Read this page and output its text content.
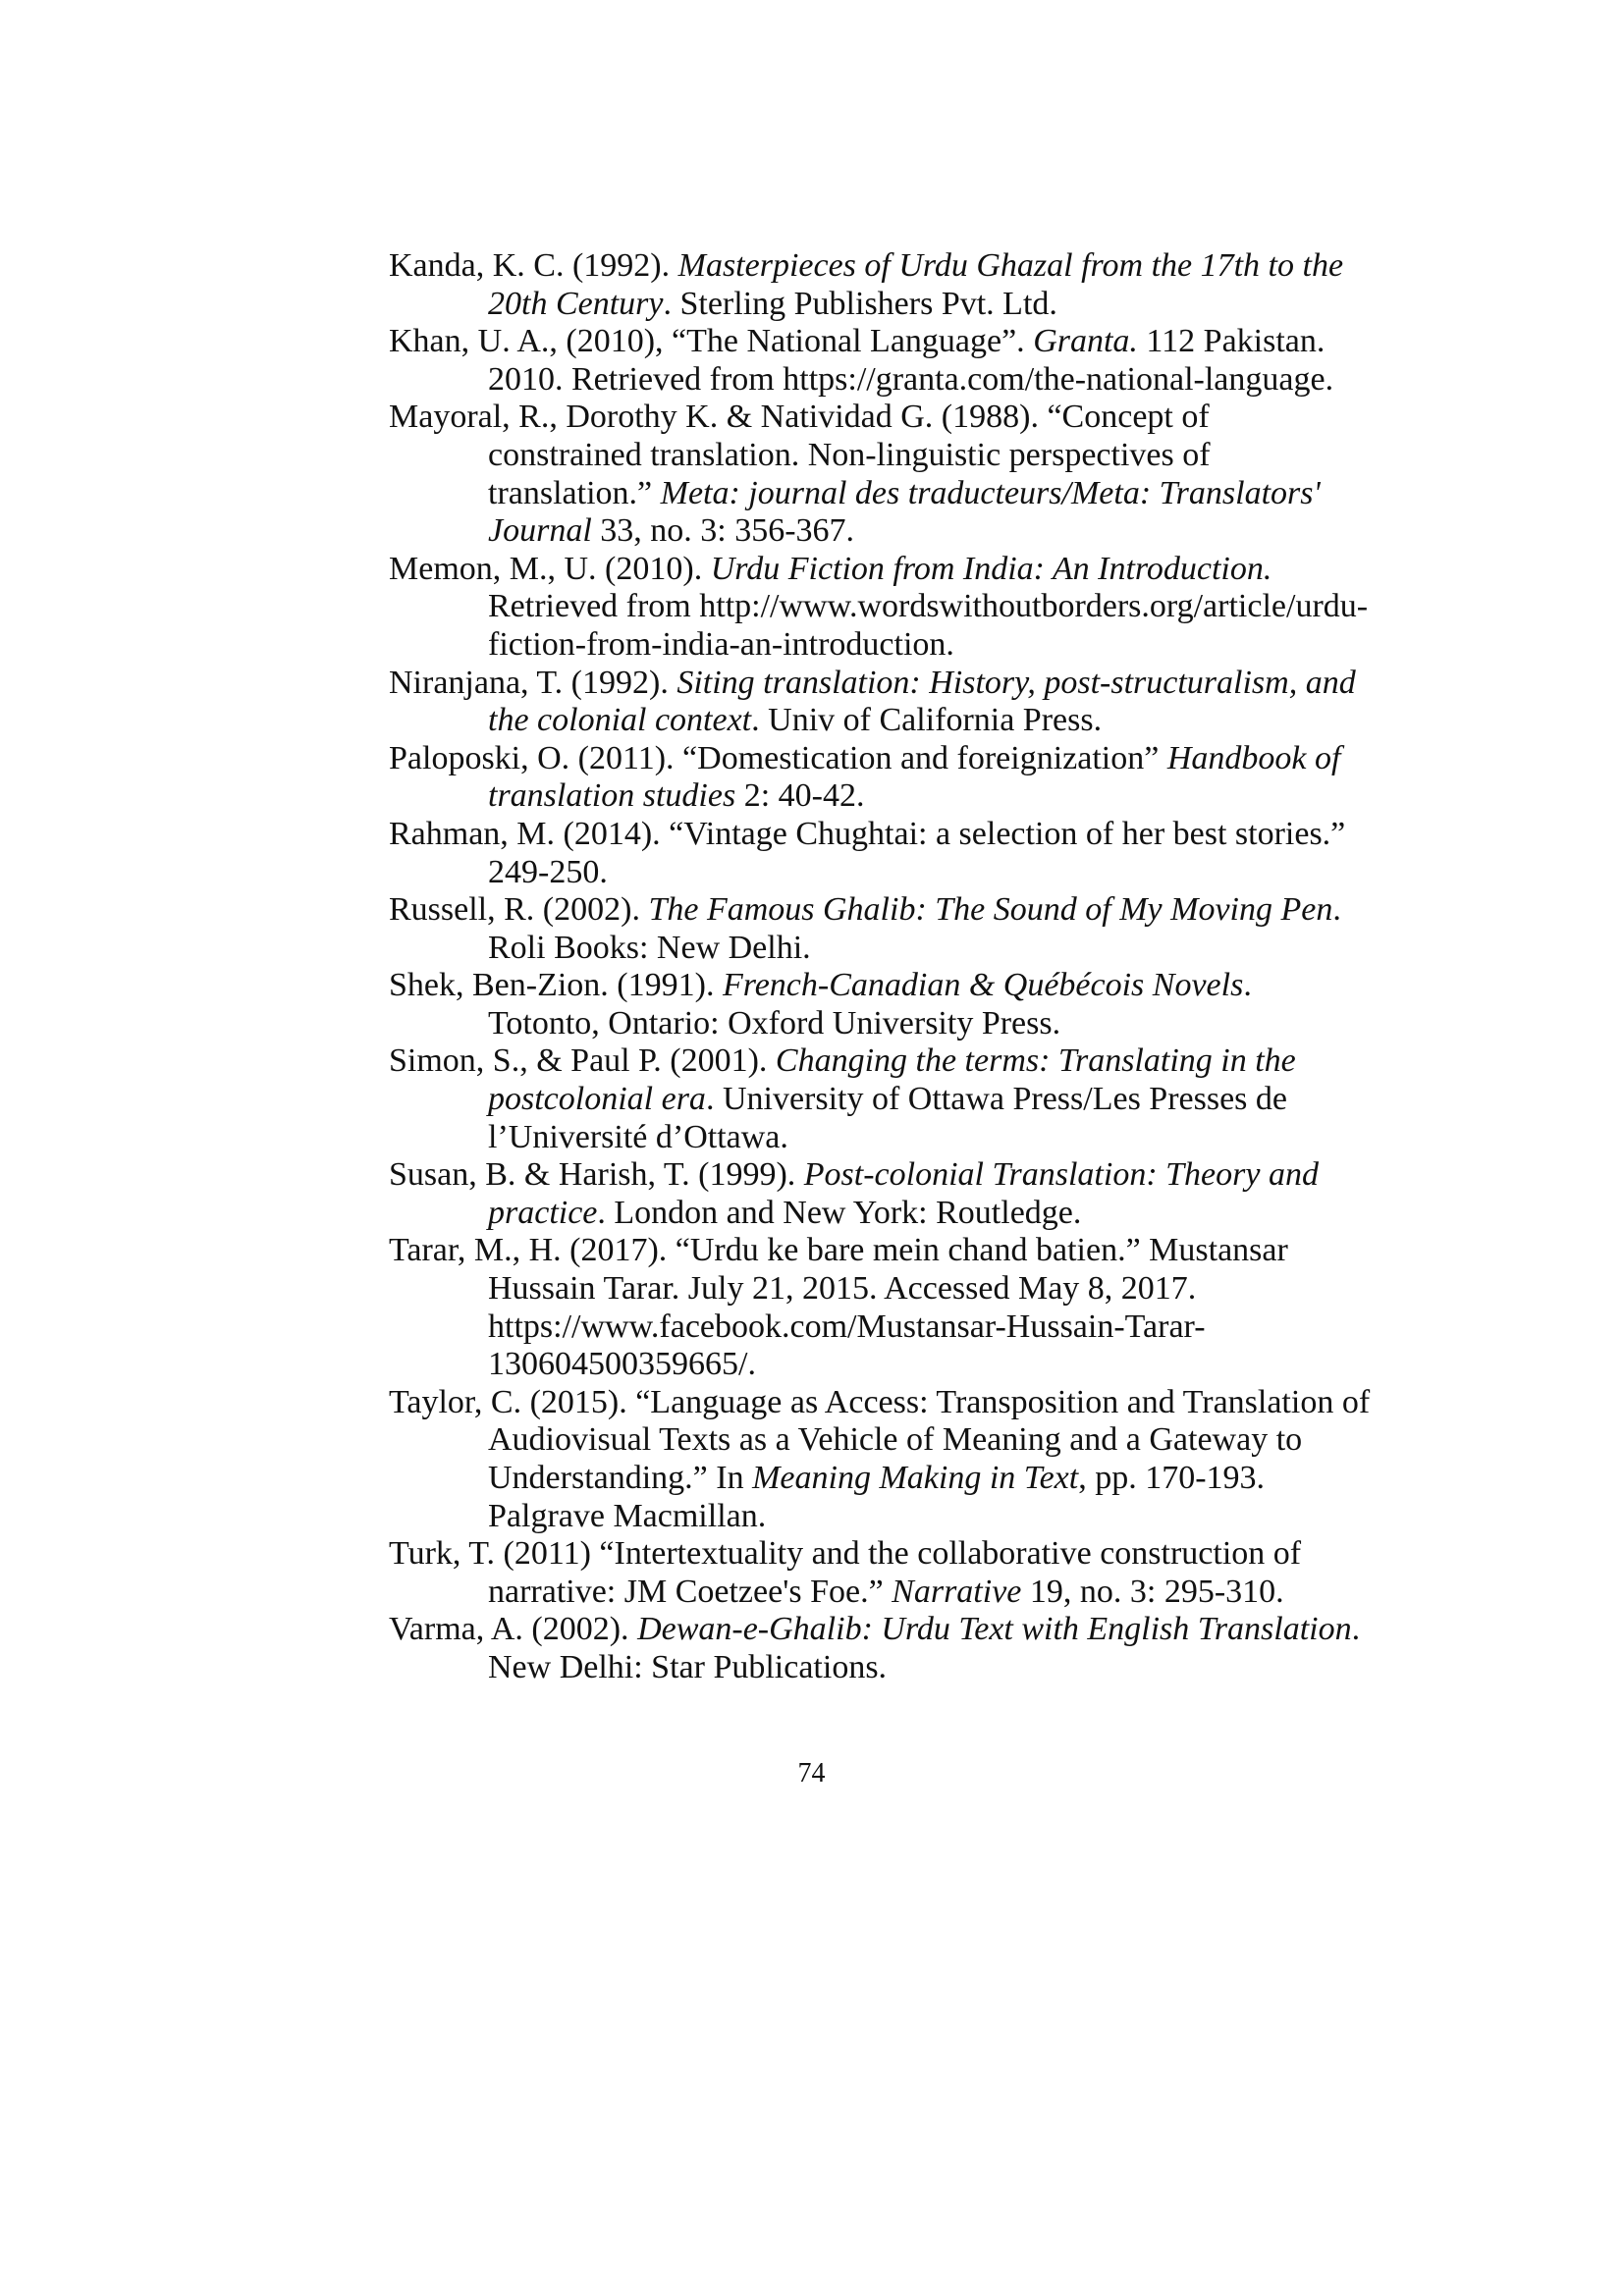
Kanda, K. C. (1992). Masterpieces of Urdu Ghazal from the 17th to the 20th Century. Sterling Publishers Pvt. Ltd.
Khan, U. A., (2010), “The National Language”. Granta. 112 Pakistan. 2010. Retrieved from https://granta.com/the-national-language.
Mayoral, R., Dorothy K. & Natividad G. (1988). “Concept of constrained translation. Non-linguistic perspectives of translation.” Meta: journal des traducteurs/Meta: Translators' Journal 33, no. 3: 356-367.
Memon, M., U. (2010). Urdu Fiction from India: An Introduction. Retrieved from http://www.wordswithoutborders.org/article/urdu-fiction-from-india-an-introduction.
Niranjana, T. (1992). Siting translation: History, post-structuralism, and the colonial context. Univ of California Press.
Paloposki, O. (2011). “Domestication and foreignization” Handbook of translation studies 2: 40-42.
Rahman, M. (2014). “Vintage Chughtai: a selection of her best stories.” 249-250.
Russell, R. (2002). The Famous Ghalib: The Sound of My Moving Pen. Roli Books: New Delhi.
Shek, Ben-Zion. (1991). French-Canadian & Québécois Novels. Totonto, Ontario: Oxford University Press.
Simon, S., & Paul P. (2001). Changing the terms: Translating in the postcolonial era. University of Ottawa Press/Les Presses de l’Université d’Ottawa.
Susan, B. & Harish, T. (1999). Post-colonial Translation: Theory and practice. London and New York: Routledge.
Tarar, M., H. (2017). “Urdu ke bare mein chand batien.” Mustansar Hussain Tarar. July 21, 2015. Accessed May 8, 2017. https://www.facebook.com/Mustansar-Hussain-Tarar-130604500359665/.
Taylor, C. (2015). “Language as Access: Transposition and Translation of Audiovisual Texts as a Vehicle of Meaning and a Gateway to Understanding.” In Meaning Making in Text, pp. 170-193. Palgrave Macmillan.
Turk, T. (2011) “Intertextuality and the collaborative construction of narrative: JM Coetzee's Foe.” Narrative 19, no. 3: 295-310.
Varma, A. (2002). Dewan-e-Ghalib: Urdu Text with English Translation. New Delhi: Star Publications.
74
